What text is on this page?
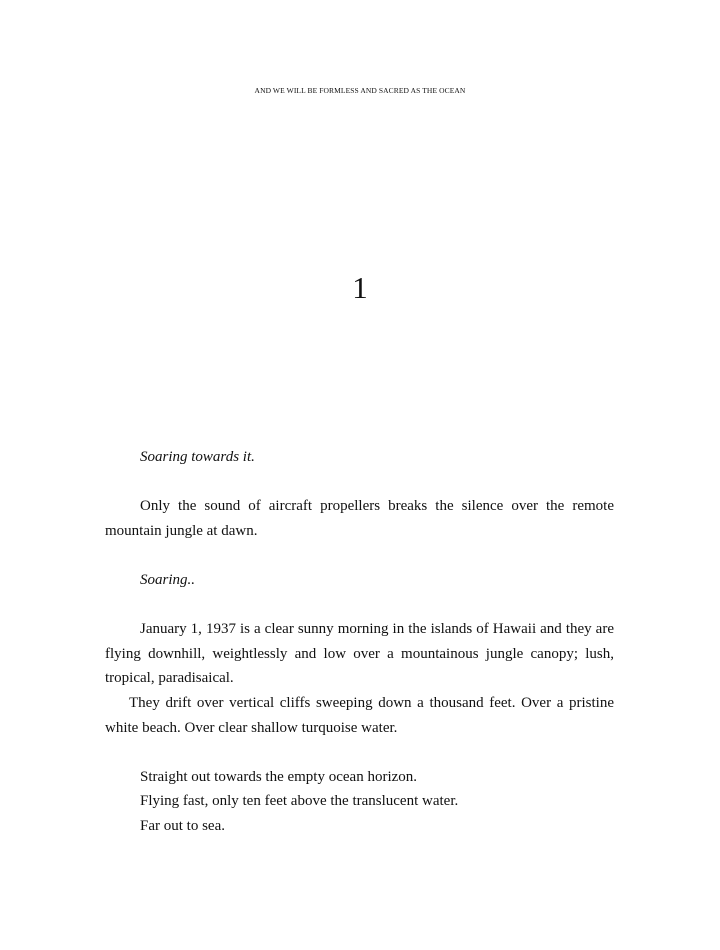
AND WE WILL BE FORMLESS AND SACRED AS THE OCEAN
1

Soaring towards it.

Only the sound of aircraft propellers breaks the silence over the remote mountain jungle at dawn.

Soaring..

January 1, 1937 is a clear sunny morning in the islands of Hawaii and they are flying downhill, weightlessly and low over a mountainous jungle canopy; lush, tropical, paradisaical.

They drift over vertical cliffs sweeping down a thousand feet. Over a pristine white beach. Over clear shallow turquoise water.

Straight out towards the empty ocean horizon.

Flying fast, only ten feet above the translucent water.

Far out to sea.
